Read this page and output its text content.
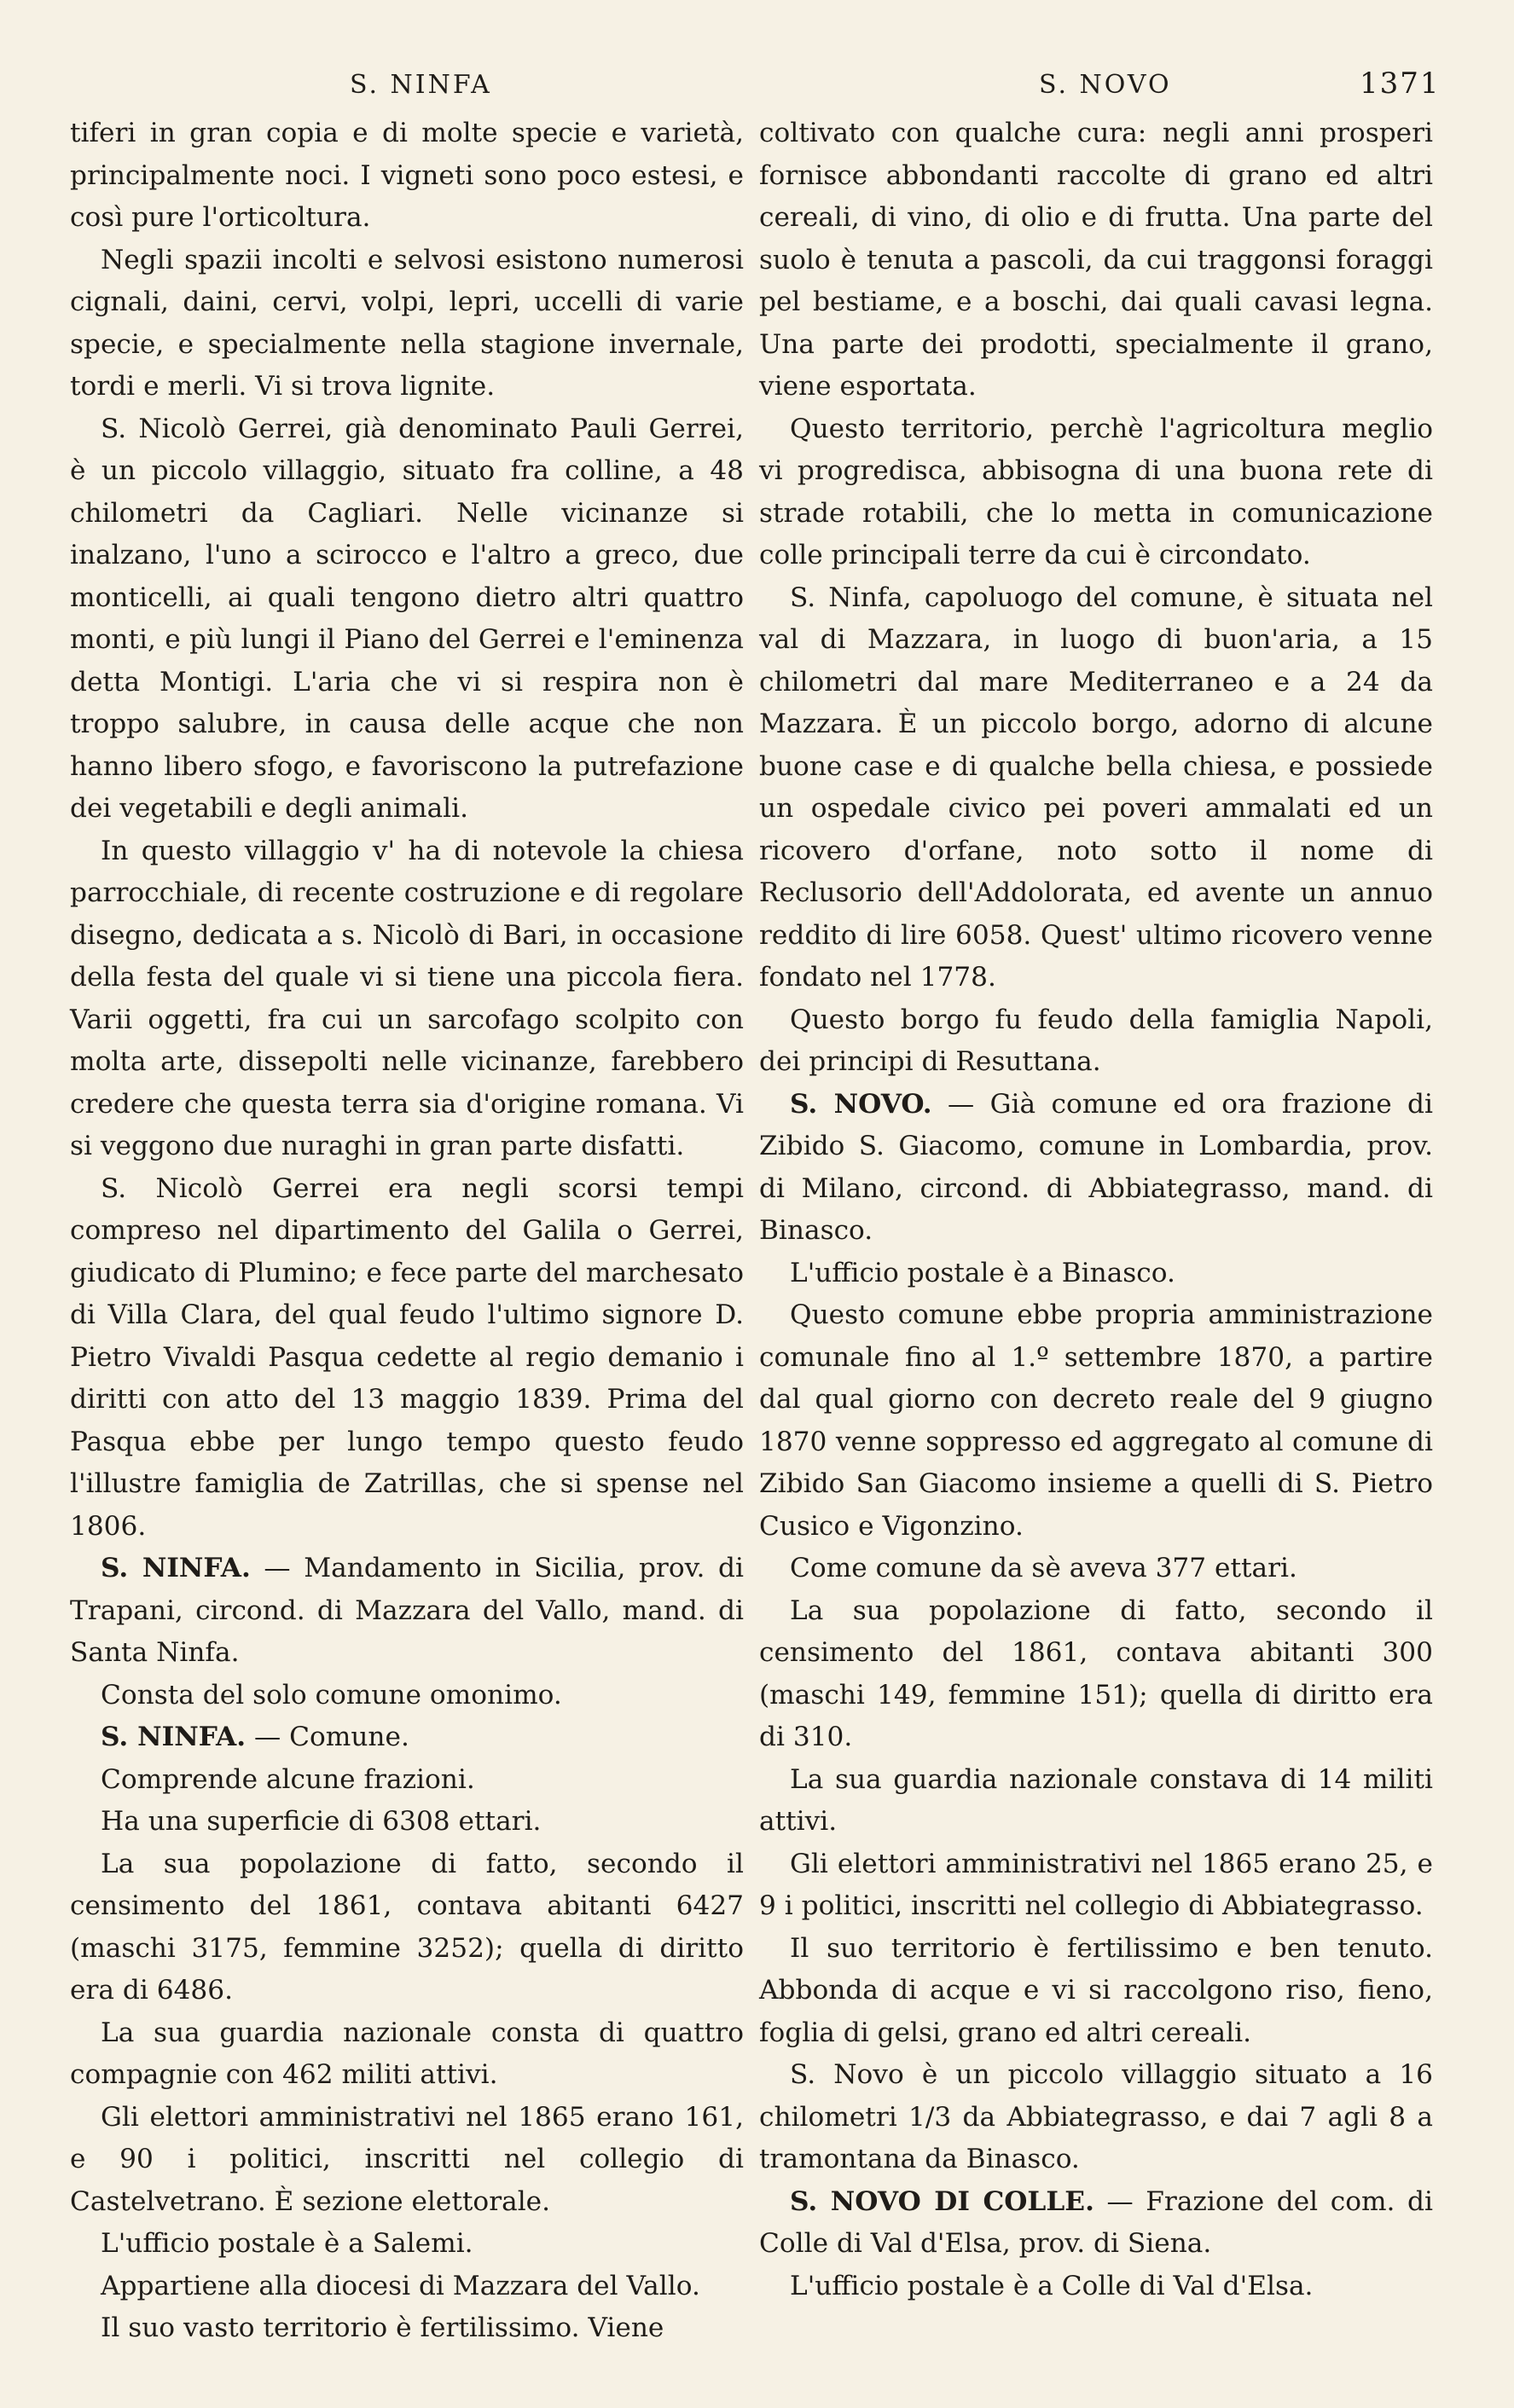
S. NINFA	S. NOVO	1371

tiferi in gran copia e di molte specie e varietà, principalmente noci. I vigneti sono poco estesi, e così pure l'orticoltura.

Negli spazii incolti e selvosi esistono numerosi cignali, daini, cervi, volpi, lepri, uccelli di varie specie, e specialmente nella stagione invernale, tordi e merli. Vi si trova lignite.

S. Nicolò Gerrei, già denominato Pauli Gerrei, è un piccolo villaggio, situato fra colline, a 48 chilometri da Cagliari. Nelle vicinanze si inalzano, l'uno a scirocco e l'altro a greco, due monticelli, ai quali tengono dietro altri quattro monti, e più lungi il Piano del Gerrei e l'eminenza detta Montigi. L'aria che vi si respira non è troppo salubre, in causa delle acque che non hanno libero sfogo, e favoriscono la putrefazione dei vegetabili e degli animali.

In questo villaggio v' ha di notevole la chiesa parrocchiale, di recente costruzione e di regolare disegno, dedicata a s. Nicolò di Bari, in occasione della festa del quale vi si tiene una piccola fiera. Varii oggetti, fra cui un sarcofago scolpito con molta arte, dissepolti nelle vicinanze, farebbero credere che questa terra sia d'origine romana. Vi si veggono due nuraghi in gran parte disfatti.

S. Nicolò Gerrei era negli scorsi tempi compreso nel dipartimento del Galila o Gerrei, giudicato di Plumino; e fece parte del marchesato di Villa Clara, del qual feudo l'ultimo signore D. Pietro Vivaldi Pasqua cedette al regio demanio i diritti con atto del 13 maggio 1839. Prima del Pasqua ebbe per lungo tempo questo feudo l'illustre famiglia de Zatrillas, che si spense nel 1806.

S. NINFA. — Mandamento in Sicilia, prov. di Trapani, circond. di Mazzara del Vallo, mand. di Santa Ninfa.

Consta del solo comune omonimo.

S. NINFA. — Comune.

Comprende alcune frazioni.

Ha una superficie di 6308 ettari.

La sua popolazione di fatto, secondo il censimento del 1861, contava abitanti 6427 (maschi 3175, femmine 3252); quella di diritto era di 6486.

La sua guardia nazionale consta di quattro compagnie con 462 militi attivi.

Gli elettori amministrativi nel 1865 erano 161, e 90 i politici, inscritti nel collegio di Castelvetrano. È sezione elettorale.

L'ufficio postale è a Salemi.

Appartiene alla diocesi di Mazzara del Vallo.

Il suo vasto territorio è fertilissimo. Viene

coltivato con qualche cura: negli anni prosperi fornisce abbondanti raccolte di grano ed altri cereali, di vino, di olio e di frutta. Una parte del suolo è tenuta a pascoli, da cui traggonsi foraggi pel bestiame, e a boschi, dai quali cavasi legna. Una parte dei prodotti, specialmente il grano, viene esportata.

Questo territorio, perchè l'agricoltura meglio vi progredisca, abbisogna di una buona rete di strade rotabili, che lo metta in comunicazione colle principali terre da cui è circondato.

S. Ninfa, capoluogo del comune, è situata nel val di Mazzara, in luogo di buon'aria, a 15 chilometri dal mare Mediterraneo e a 24 da Mazzara. È un piccolo borgo, adorno di alcune buone case e di qualche bella chiesa, e possiede un ospedale civico pei poveri ammalati ed un ricovero d'orfane, noto sotto il nome di Reclusorio dell'Addolorata, ed avente un annuo reddito di lire 6058. Quest' ultimo ricovero venne fondato nel 1778.

Questo borgo fu feudo della famiglia Napoli, dei principi di Resuttana.

S. NOVO. — Già comune ed ora frazione di Zibido S. Giacomo, comune in Lombardia, prov. di Milano, circond. di Abbiategrasso, mand. di Binasco.

L'ufficio postale è a Binasco.

Questo comune ebbe propria amministrazione comunale fino al 1.º settembre 1870, a partire dal qual giorno con decreto reale del 9 giugno 1870 venne soppresso ed aggregato al comune di Zibido San Giacomo insieme a quelli di S. Pietro Cusico e Vigonzino.

Come comune da sè aveva 377 ettari.

La sua popolazione di fatto, secondo il censimento del 1861, contava abitanti 300 (maschi 149, femmine 151); quella di diritto era di 310.

La sua guardia nazionale constava di 14 militi attivi.

Gli elettori amministrativi nel 1865 erano 25, e 9 i politici, inscritti nel collegio di Abbiategrasso.

Il suo territorio è fertilissimo e ben tenuto. Abbonda di acque e vi si raccolgono riso, fieno, foglia di gelsi, grano ed altri cereali.

S. Novo è un piccolo villaggio situato a 16 chilometri 1/3 da Abbiategrasso, e dai 7 agli 8 a tramontana da Binasco.

S. NOVO DI COLLE. — Frazione del com. di Colle di Val d'Elsa, prov. di Siena.

L'ufficio postale è a Colle di Val d'Elsa.
